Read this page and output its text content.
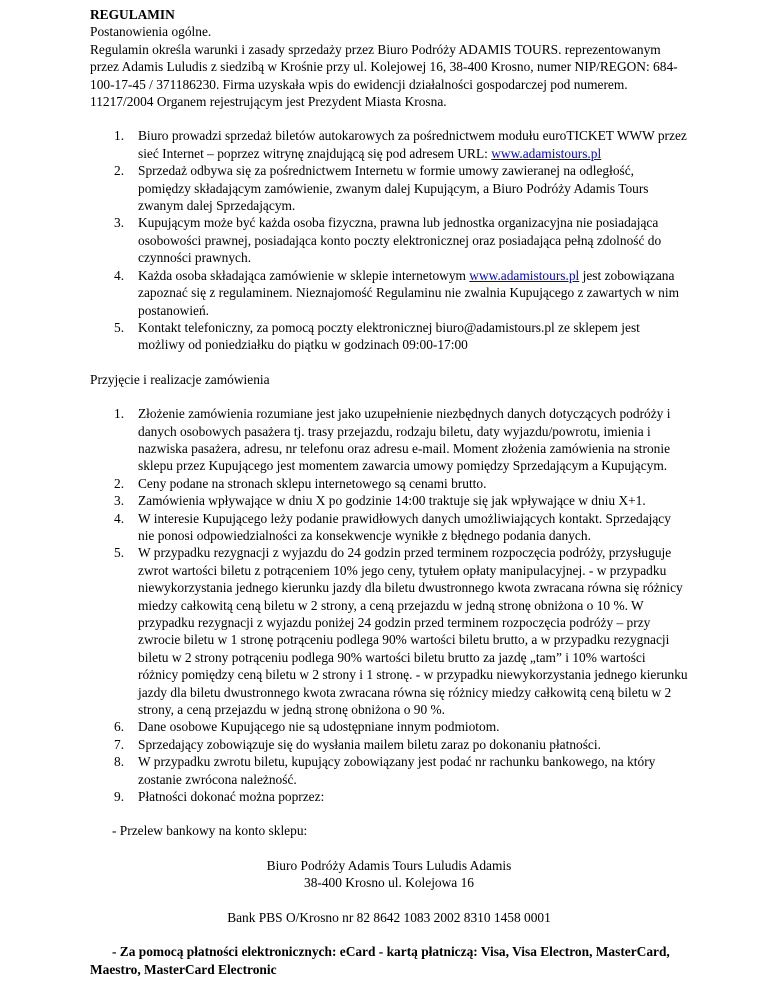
REGULAMIN

Postanowienia ogólne.

Regulamin określa warunki i zasady sprzedaży przez Biuro Podróży ADAMIS TOURS. reprezentowanym przez Adamis Luludis z siedzibą w Krośnie przy ul. Kolejowej 16, 38-400 Krosno, numer NIP/REGON: 684-100-17-45 / 371186230. Firma uzyskała wpis do ewidencji działalności gospodarczej pod numerem. 11217/2004 Organem rejestrującym jest Prezydent Miasta Krosna.

1. Biuro prowadzi sprzedaż biletów autokarowych za pośrednictwem modułu euroTICKET WWW przez sieć Internet – poprzez witrynę znajdującą się pod adresem URL: www.adamistours.pl
2. Sprzedaż odbywa się za pośrednictwem Internetu w formie umowy zawieranej na odległość, pomiędzy składającym zamówienie, zwanym dalej Kupującym, a Biuro Podróży Adamis Tours zwanym dalej Sprzedającym.
3. Kupującym może być każda osoba fizyczna, prawna lub jednostka organizacyjna nie posiadająca osobowości prawnej, posiadająca konto poczty elektronicznej oraz posiadająca pełną zdolność do czynności prawnych.
4. Każda osoba składająca zamówienie w sklepie internetowym www.adamistours.pl jest zobowiązana zapoznać się z regulaminem. Nieznajomość Regulaminu nie zwalnia Kupującego z zawartych w nim postanowień.
5. Kontakt telefoniczny, za pomocą poczty elektronicznej biuro@adamistours.pl ze sklepem jest możliwy od poniedziałku do piątku w godzinach 09:00-17:00
Przyjęcie i realizacje zamówienia
1. Złożenie zamówienia rozumiane jest jako uzupełnienie niezbędnych danych dotyczących podróży i danych osobowych pasażera tj. trasy przejazdu, rodzaju biletu, daty wyjazdu/powrotu, imienia i nazwiska pasażera, adresu, nr telefonu oraz adresu e-mail. Moment złożenia zamówienia na stronie sklepu przez Kupującego jest momentem zawarcia umowy pomiędzy Sprzedającym a Kupującym.
2. Ceny podane na stronach sklepu internetowego są cenami brutto.
3. Zamówienia wpływające w dniu X po godzinie 14:00 traktuje się jak wpływające w dniu X+1.
4. W interesie Kupującego leży podanie prawidłowych danych umożliwiających kontakt. Sprzedający nie ponosi odpowiedzialności za konsekwencje wynikłe z błędnego podania danych.
5. W przypadku rezygnacji z wyjazdu do 24 godzin przed terminem rozpoczęcia podróży, przysługuje zwrot wartości biletu z potrąceniem 10% jego ceny, tytułem opłaty manipulacyjnej. - w przypadku niewykorzystania jednego kierunku jazdy dla biletu dwustronnego kwota zwracana równa się różnicy miedzy całkowitą ceną biletu w 2 strony, a ceną przejazdu w jedną stronę obniżona o 10 %. W przypadku rezygnacji z wyjazdu poniżej 24 godzin przed terminem rozpoczęcia podróży – przy zwrocie biletu w 1 stronę potrąceniu podlega 90% wartości biletu brutto, a w przypadku rezygnacji biletu w 2 strony potrąceniu podlega 90% wartości biletu brutto za jazdę „tam” i 10% wartości różnicy pomiędzy ceną biletu w 2 strony i 1 stronę. - w przypadku niewykorzystania jednego kierunku jazdy dla biletu dwustronnego kwota zwracana równa się różnicy miedzy całkowitą ceną biletu w 2 strony, a ceną przejazdu w jedną stronę obniżona o 90 %.
6. Dane osobowe Kupującego nie są udostępniane innym podmiotom.
7. Sprzedający zobowiązuje się do wysłania mailem biletu zaraz po dokonaniu płatności.
8. W przypadku zwrotu biletu, kupujący zobowiązany jest podać nr rachunku bankowego, na który zostanie zwrócona należność.
9. Płatności dokonać można poprzez:
- Przelew bankowy na konto sklepu:
Biuro Podróży Adamis Tours Luludis Adamis
38-400 Krosno ul. Kolejowa 16
Bank PBS O/Krosno nr 82 8642 1083 2002 8310 1458 0001
- Za pomocą płatności elektronicznych: eCard - kartą płatniczą: Visa, Visa Electron, MasterCard, Maestro, MasterCard Electronic
